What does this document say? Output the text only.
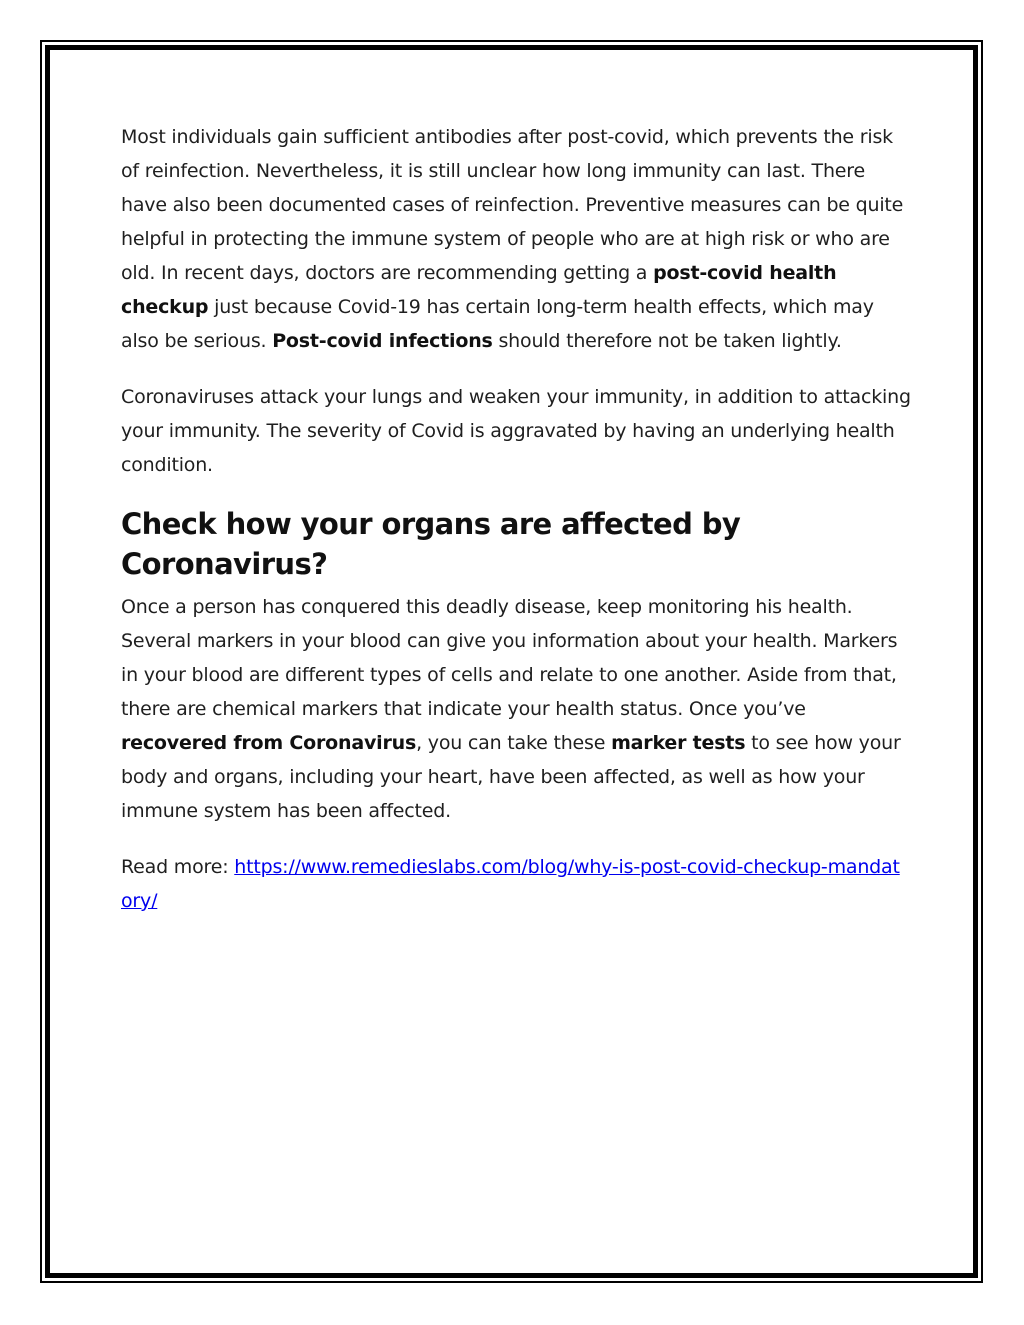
Most individuals gain sufficient antibodies after post-covid, which prevents the risk of reinfection. Nevertheless, it is still unclear how long immunity can last. There have also been documented cases of reinfection. Preventive measures can be quite helpful in protecting the immune system of people who are at high risk or who are old. In recent days, doctors are recommending getting a post-covid health checkup just because Covid-19 has certain long-term health effects, which may also be serious. Post-covid infections should therefore not be taken lightly.

Coronaviruses attack your lungs and weaken your immunity, in addition to attacking your immunity. The severity of Covid is aggravated by having an underlying health condition.

Check how your organs are affected by Coronavirus?

Once a person has conquered this deadly disease, keep monitoring his health. Several markers in your blood can give you information about your health. Markers in your blood are different types of cells and relate to one another. Aside from that, there are chemical markers that indicate your health status. Once you’ve recovered from Coronavirus, you can take these marker tests to see how your body and organs, including your heart, have been affected, as well as how your immune system has been affected.

Read more: https://www.remedieslabs.com/blog/why-is-post-covid-checkup-mandatory/
